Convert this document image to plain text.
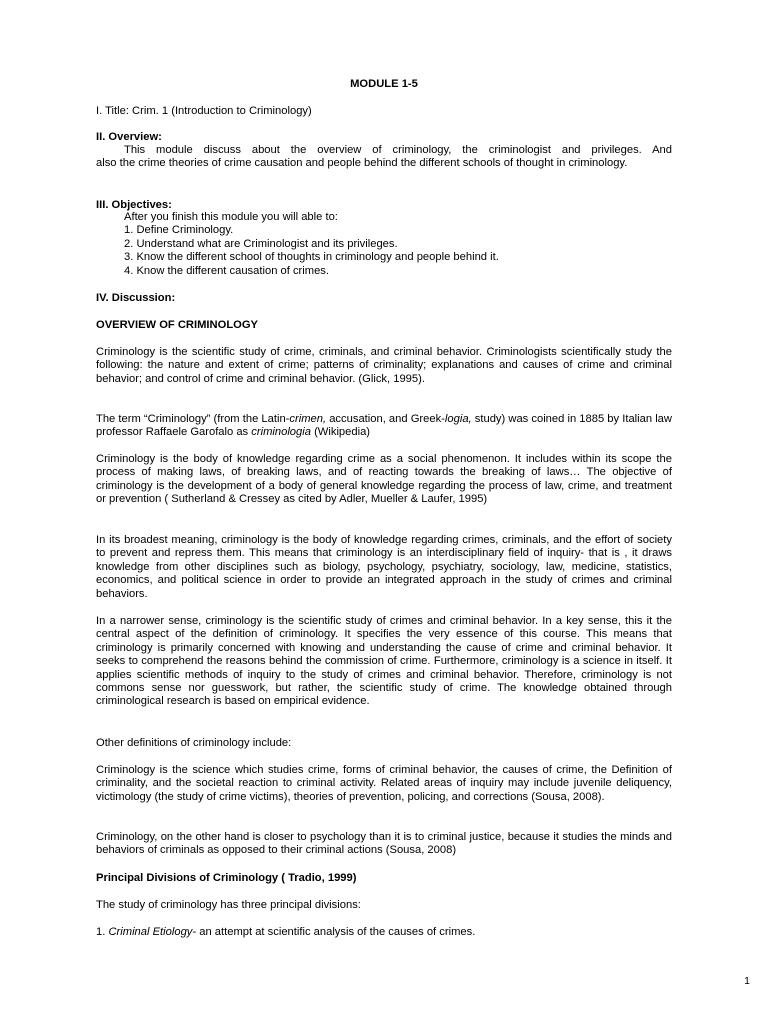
MODULE 1-5
I. Title: Crim. 1 (Introduction to Criminology)
II. Overview:
This module discuss about the overview of criminology, the criminologist and privileges. And
also the crime theories of crime causation and people behind the different schools of thought in criminology.
III. Objectives:
After you finish this module you will able to:
1. Define Criminology.
2. Understand what are Criminologist and its privileges.
3. Know the different school of thoughts in criminology and people behind it.
4. Know the different causation of crimes.
IV. Discussion:
OVERVIEW OF CRIMINOLOGY
Criminology is the scientific study of crime, criminals, and criminal behavior. Criminologists scientifically study the following: the nature and extent of crime; patterns of criminality; explanations and causes of crime and criminal behavior; and control of crime and criminal behavior. (Glick, 1995).
The term “Criminology” (from the Latin-crimen, accusation, and Greek-logia, study) was coined in 1885 by Italian law professor Raffaele Garofalo as criminologia (Wikipedia)
Criminology is the body of knowledge regarding crime as a social phenomenon. It includes within its scope the process of making laws, of breaking laws, and of reacting towards the breaking of laws… The objective of criminology is the development of a body of general knowledge regarding the process of law, crime, and treatment or prevention ( Sutherland & Cressey as cited by Adler, Mueller & Laufer, 1995)
In its broadest meaning, criminology is the body of knowledge regarding crimes, criminals, and the effort of society to prevent and repress them. This means that criminology is an interdisciplinary field of inquiry- that is , it draws knowledge from other disciplines such as biology, psychology, psychiatry, sociology, law, medicine, statistics, economics, and political science in order to provide an integrated approach in the study of crimes and criminal behaviors.
In a narrower sense, criminology is the scientific study of crimes and criminal behavior. In a key sense, this it the central aspect of the definition of criminology. It specifies the very essence of this course. This means that criminology is primarily concerned with knowing and understanding the cause of crime and criminal behavior. It seeks to comprehend the reasons behind the commission of crime. Furthermore, criminology is a science in itself. It applies scientific methods of inquiry to the study of crimes and criminal behavior. Therefore, criminology is not commons sense nor guesswork, but rather, the scientific study of crime. The knowledge obtained through criminological research is based on empirical evidence.
Other definitions of criminology include:
Criminology is the science which studies crime, forms of criminal behavior, the causes of crime, the Definition of criminality, and the societal reaction to criminal activity. Related areas of inquiry may include juvenile deliquency, victimology (the study of crime victims), theories of prevention, policing, and corrections (Sousa, 2008).
Criminology, on the other hand is closer to psychology than it is to criminal justice, because it studies the minds and behaviors of criminals as opposed to their criminal actions (Sousa, 2008)
Principal Divisions of Criminology ( Tradio, 1999)
The study of criminology has three principal divisions:
1. Criminal Etiology- an attempt at scientific analysis of the causes of crimes.
1
